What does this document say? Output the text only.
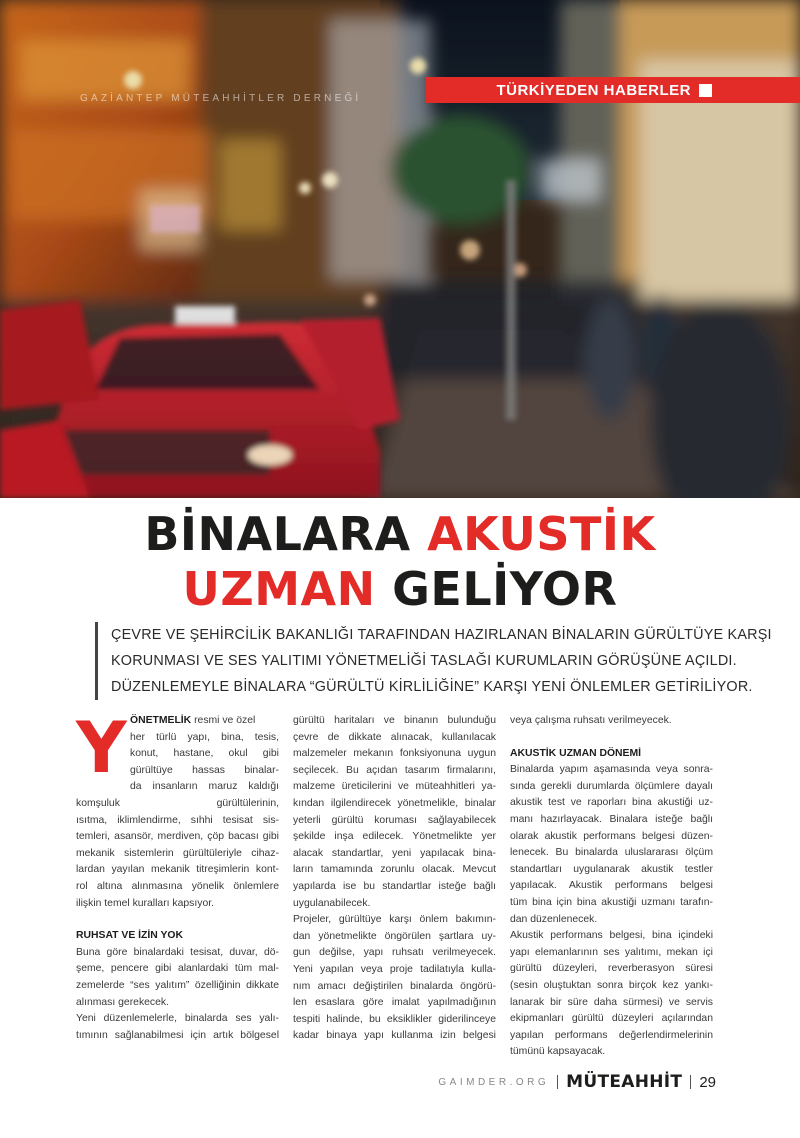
GAZİANTEP MÜTEAHHİTLER DERNEĞİ	TÜRKİYEDEN HABERLER
BİNALARA AKUSTİK
UZMAN GELİYOR

ÇEVRE VE ŞEHİRCİLİK BAKANLIĞI TARAFINDAN HAZIRLANAN BİNALARIN GÜRÜLTÜYE KARŞI

KORUNMASI VE SES YALITIMI YÖNETMELİĞİ TASLAĞI KURUMLARIN GÖRÜŞÜNE AÇILDI.

DÜZENLEMEYLE BİNALARA “GÜRÜLTÜ KİRLİLİĞİNE” KARŞI YENİ ÖNLEMLER GETİRİLİYOR.

Y ÖNETMELİK resmi ve özel
her türlü yapı, bina, tesis,
konut, hastane, okul gibi
gürültüye hassas binalar-
da insanların maruz kaldığı
komşuluk gürültülerinin,
ısıtma, iklimlendirme, sıhhi tesisat sis-
temleri, asansör, merdiven, çöp bacası gibi
mekanik sistemlerin gürültüleriyle cihaz-
lardan yayılan mekanik titreşimlerin kont-
rol altına alınmasına yönelik önlemlere
ilişkin temel kuralları kapsıyor.
RUHSAT VE İZİN YOK
Buna göre binalardaki tesisat, duvar, dö-
şeme, pencere gibi alanlardaki tüm mal-
zemelerde “ses yalıtım” özelliğinin dikkate
alınması gerekecek.
Yeni düzenlemelerle, binalarda ses yalı-
tımının sağlanabilmesi için artık bölgesel
gürültü haritaları ve binanın bulunduğu
çevre de dikkate alınacak, kullanılacak
malzemeler mekanın fonksiyonuna uygun
seçilecek. Bu açıdan tasarım firmalarını,
malzeme üreticilerini ve müteahhitleri ya-
kından ilgilendirecek yönetmelikle, binalar
yeterli gürültü koruması sağlayabilecek
şekilde inşa edilecek. Yönetmelikte yer
alacak standartlar, yeni yapılacak bina-
ların tamamında zorunlu olacak. Mevcut
yapılarda ise bu standartlar isteğe bağlı
uygulanabilecek.
Projeler, gürültüye karşı önlem bakımın-
dan yönetmelikte öngörülen şartlara uy-
gun değilse, yapı ruhsatı verilmeyecek.
Yeni yapılan veya proje tadilatıyla kulla-
nım amacı değiştirilen binalarda öngörü-
len esaslara göre imalat yapılmadığının
tespiti halinde, bu eksiklikler giderilinceye
kadar binaya yapı kullanma izin belgesi
veya çalışma ruhsatı verilmeyecek.
AKUSTİK UZMAN DÖNEMİ
Binalarda yapım aşamasında veya sonra-
sında gerekli durumlarda ölçümlere dayalı
akustik test ve raporları bina akustiği uz-
manı hazırlayacak. Binalara isteğe bağlı
olarak akustik performans belgesi düzen-
lenecek. Bu binalarda uluslararası ölçüm
standartları uygulanarak akustik testler
yapılacak. Akustik performans belgesi
tüm bina için bina akustiği uzmanı tarafın-
dan düzenlenecek.
Akustik performans belgesi, bina içindeki
yapı elemanlarının ses yalıtımı, mekan içi
gürültü düzeyleri, reverberasyon süresi
(sesin oluştuktan sonra birçok kez yankı-
lanarak bir süre daha sürmesi) ve servis
ekipmanları gürültü düzeyleri açılarından
yapılan performans değerlendirmelerinin
tümünü kapsayacak.
GAIMDER.ORG MÜTEAHHİT 29
